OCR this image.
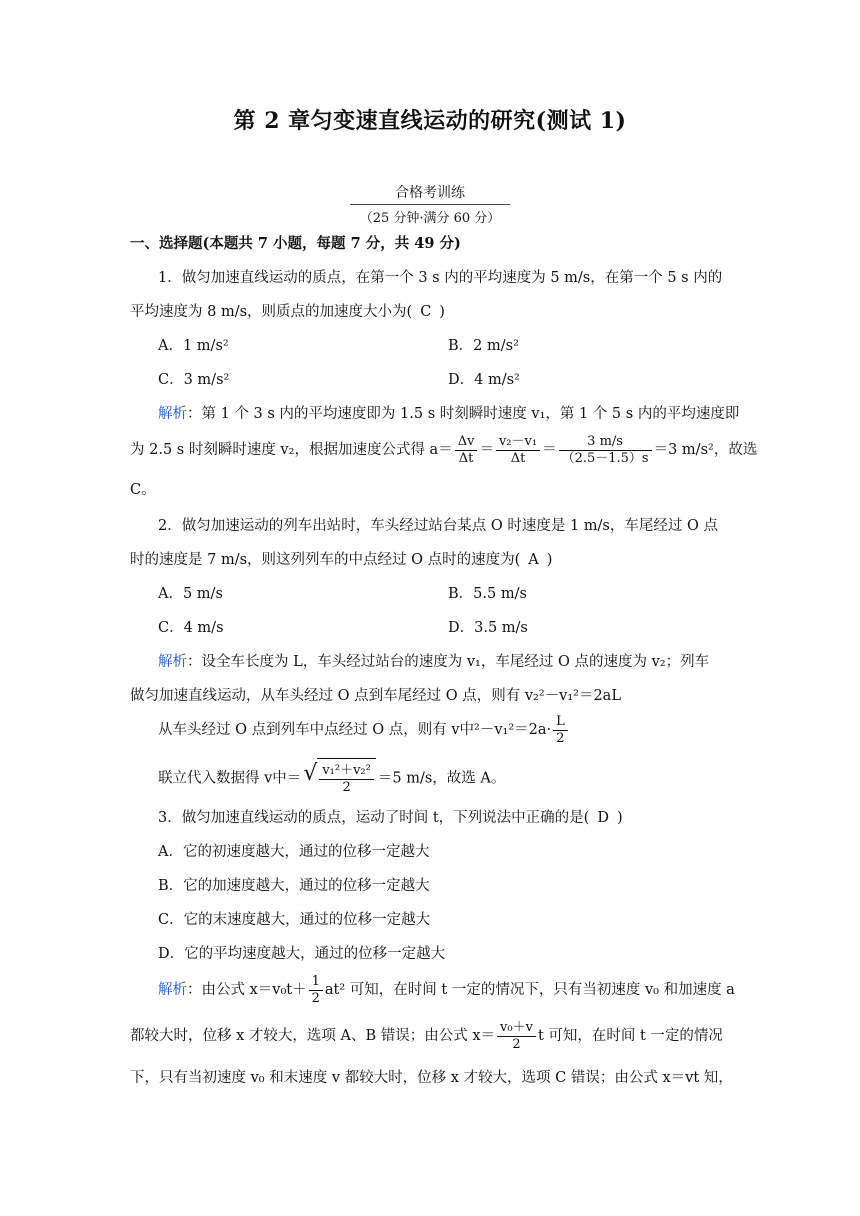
第 2 章匀变速直线运动的研究(测试 1)
合格考训练
（25 分钟·满分 60 分）
一、选择题(本题共 7 小题，每题 7 分，共 49 分)
1．做匀加速直线运动的质点，在第一个 3 s 内的平均速度为 5 m/s，在第一个 5 s 内的
平均速度为 8 m/s，则质点的加速度大小为( C )
A．1 m/s²	B．2 m/s²
C．3 m/s²	D．4 m/s²
解析：第 1 个 3 s 内的平均速度即为 1.5 s 时刻瞬时速度 v₁，第 1 个 5 s 内的平均速度即
为 2.5 s 时刻瞬时速度 v₂，根据加速度公式得 $a= \frac{\Delta v}{\Delta t} = \frac{\text{v₂－v₁}}{\Delta t} = \frac{3 m/s}{(2.5-1.5)s} =3$ m/s²，故选
C。
2．做匀加速运动的列车出站时，车头经过站台某点 O 时速度是 1 m/s，车尾经过 O 点
时的速度是 7 m/s，则这列列车的中点经过 O 点时的速度为( A )
A．5 m/s	B．5.5 m/s
C．4 m/s	D．3.5 m/s
解析：设全车长度为 L，车头经过站台的速度为 v₁，车尾经过 O 点的速度为 v₂；列车
做匀加速直线运动，从车头经过 O 点到车尾经过 O 点，则有 v₂²－v₁²＝2aL
从车头经过 O 点到列车中点经过 O 点，则有 v中$^2-v_1^2=2a\cdot \frac{L}{2}$
联立代入数据得 v中＝ √ $\frac{\text{v₁²＋v₂²}}{2} =5$ m/s，故选 A。
3．做匀加速直线运动的质点，运动了时间 t，下列说法中正确的是( D )
A．它的初速度越大，通过的位移一定越大
B．它的加速度越大，通过的位移一定越大
C．它的末速度越大，通过的位移一定越大
D．它的平均速度越大，通过的位移一定越大
解析：由公式 $x=v_0t+ \frac{1}{2} at^2$ 可知，在时间 t 一定的情况下，只有当初速度 v₀ 和加速度 a
都较大时，位移 x 才较大，选项 A、B 错误；由公式 $x= \frac{\text{v₀＋v}}{2}$ t 可知，在时间 t 一定的情况
下，只有当初速度 v₀ 和末速度 v 都较大时，位移 x 才较大，选项 C 错误；由公式 x＝vt 知，
